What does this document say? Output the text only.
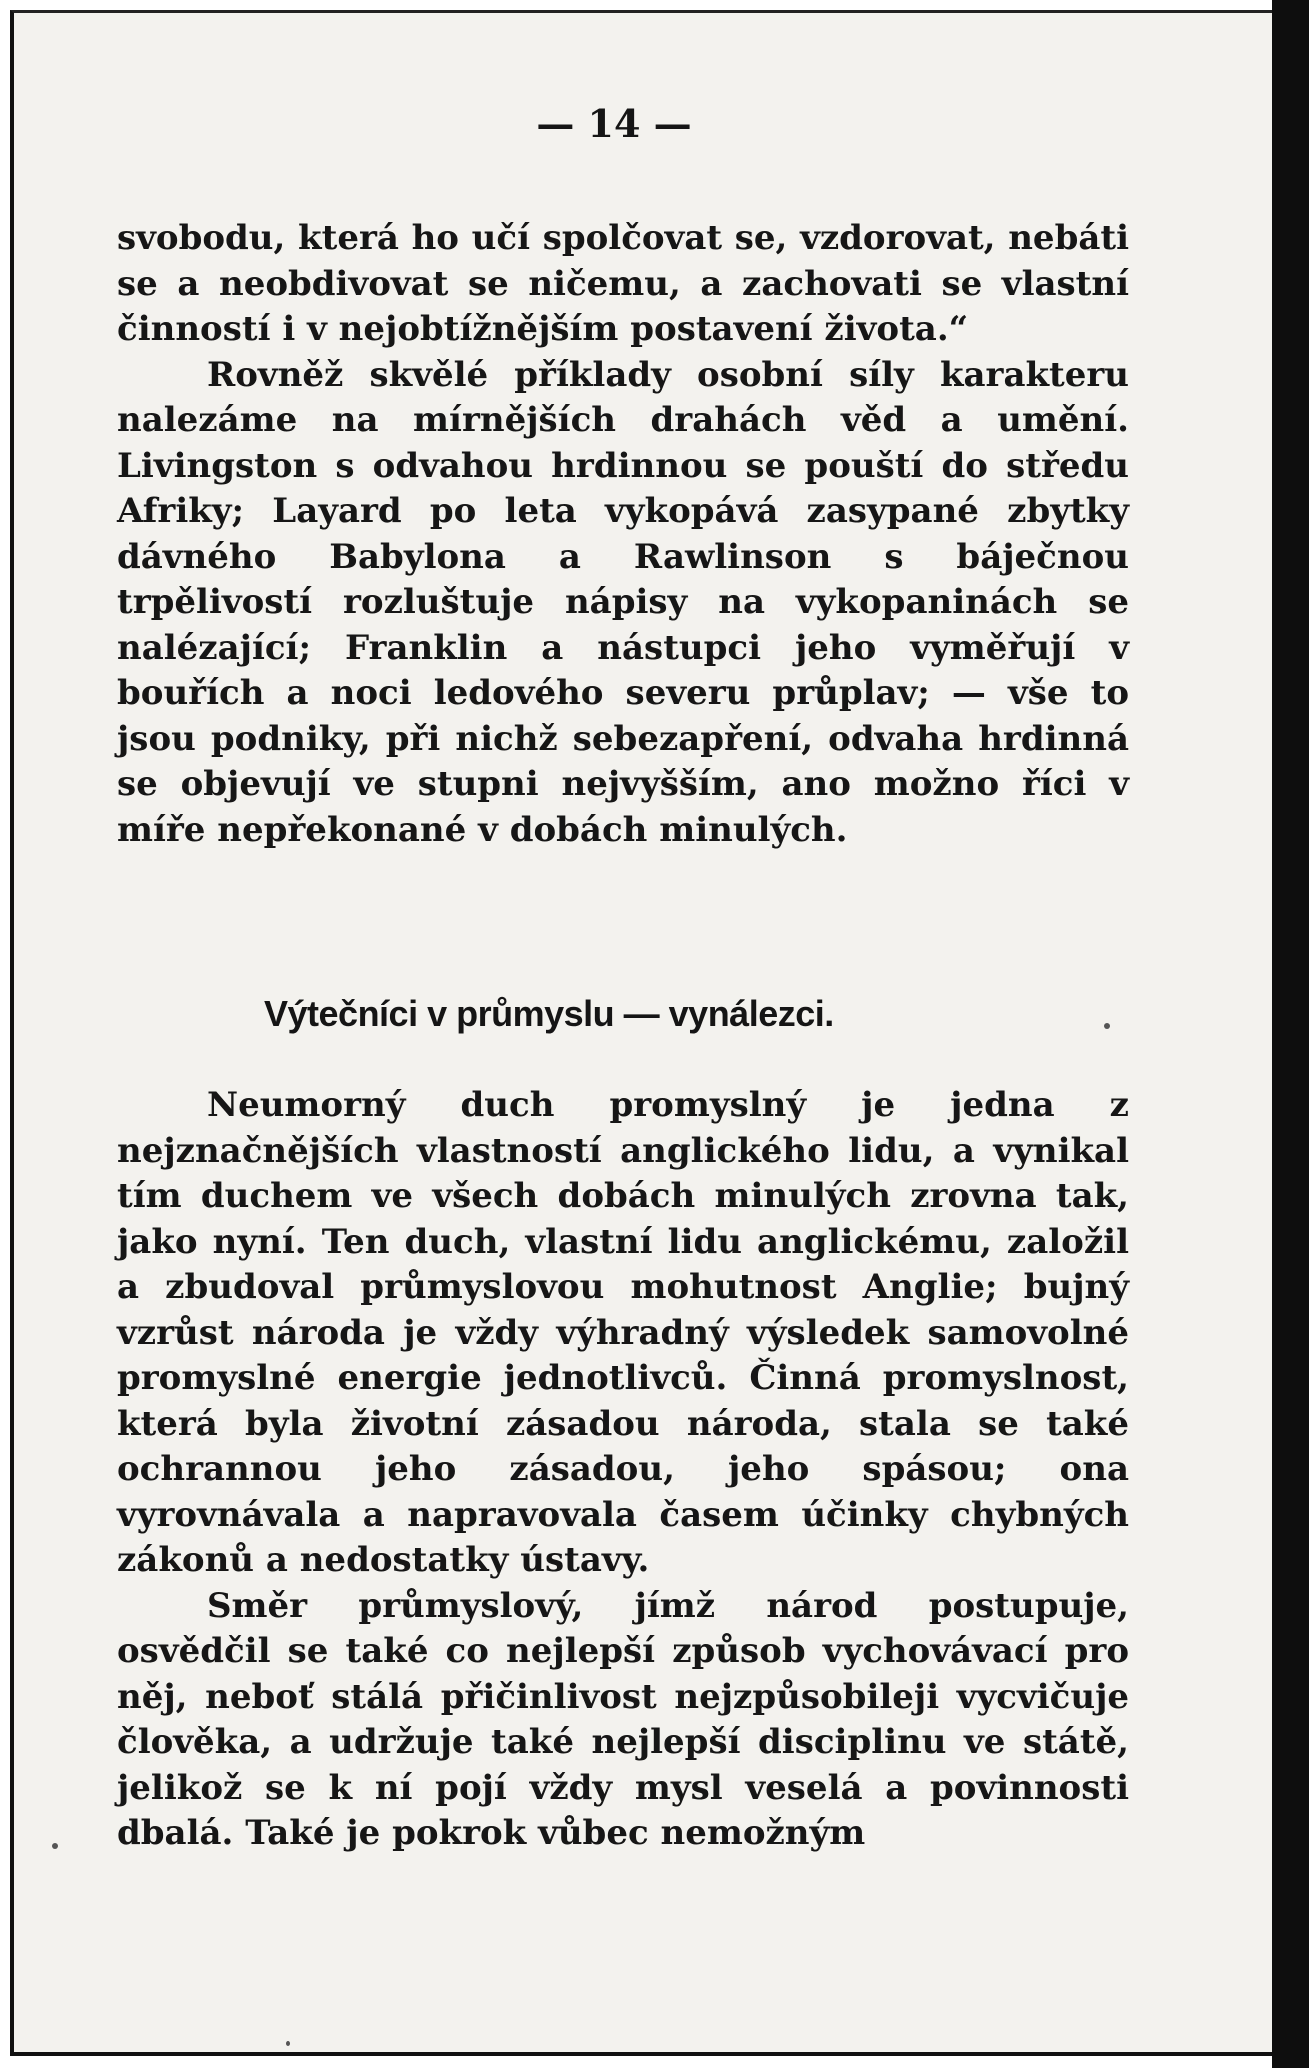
— 14 —

svobodu, která ho učí spolčovat se, vzdorovat, nebáti se a neobdivovat se ničemu, a zachovati se vlastní činností i v nejobtížnějším postavení života.“

Rovněž skvělé příklady osobní síly karakteru nalezáme na mírnějších drahách věd a umění. Livingston s odvahou hrdinnou se pouští do středu Afriky; Layard po leta vykopává zasypané zbytky dávného Babylona a Rawlinson s báječnou trpělivostí rozluštuje nápisy na vykopaninách se nalézající; Franklin a nástupci jeho vyměřují v bouřích a noci ledového severu průplav; — vše to jsou podniky, při nichž sebezapření, odvaha hrdinná se objevují ve stupni nejvyšším, ano možno říci v míře nepřekonané v dobách minulých.

Výtečníci v průmyslu — vynálezci.

Neumorný duch promyslný je jedna z nejznačnějších vlastností anglického lidu, a vynikal tím duchem ve všech dobách minulých zrovna tak, jako nyní. Ten duch, vlastní lidu anglickému, založil a zbudoval průmyslovou mohutnost Anglie; bujný vzrůst národa je vždy výhradný výsledek samovolné promyslné energie jednotlivců. Činná promyslnost, která byla životní zásadou národa, stala se také ochrannou jeho zásadou, jeho spásou; ona vyrovnávala a napravovala časem účinky chybných zákonů a nedostatky ústavy.

Směr průmyslový, jímž národ postupuje, osvědčil se také co nejlepší způsob vychovávací pro něj, neboť stálá přičinlivost nejzpůsobileji vycvičuje člověka, a udržuje také nejlepší disciplinu ve státě, jelikož se k ní pojí vždy mysl veselá a povinnosti dbalá. Také je pokrok vůbec nemožným
